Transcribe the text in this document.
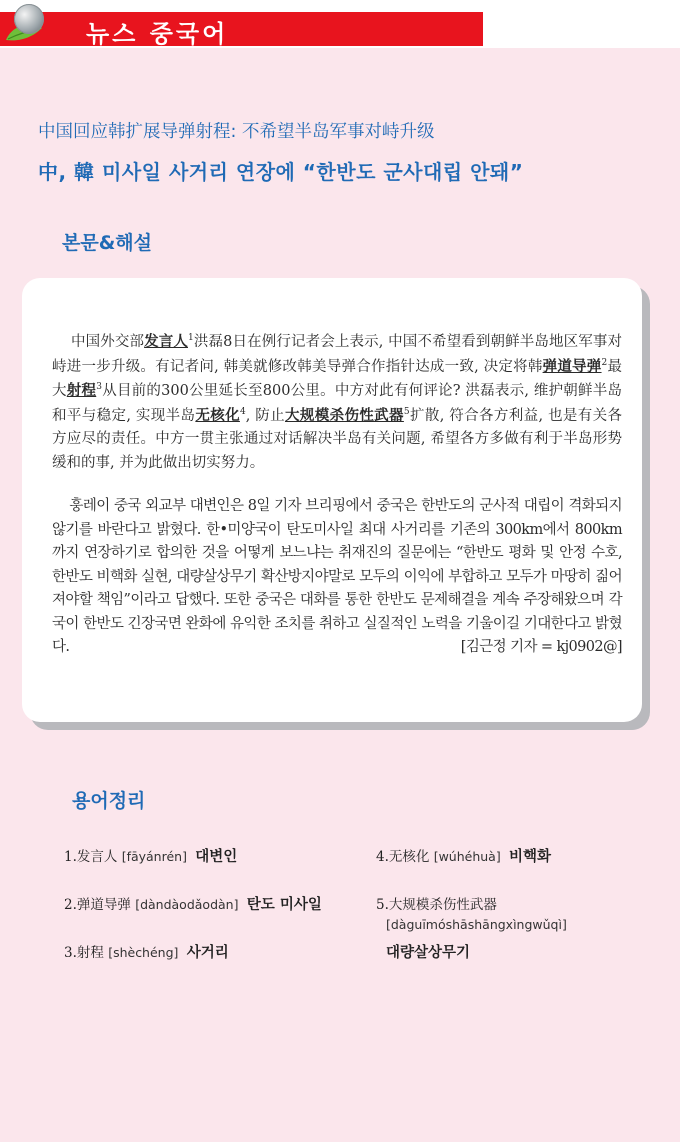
뉴스 중국어
中国回应韩扩展导弹射程: 不希望半岛军事对峙升级
中, 韓 미사일 사거리 연장에 “한반도 군사대립 안돼”
본문&해설
中国外交部发言人$^1$洪磊8日在例行记者会上表示, 中国不希望看到朝鲜半岛地区军事对峙进一步升级。有记者问, 韩美就修改韩美导弹合作指针达成一致, 决定将韩弹道导弹$^2$最大射程$^3$从目前的300公里延长至800公里。中方对此有何评论? 洪磊表示, 维护朝鲜半岛和平与稳定, 实现半岛无核化$^4$, 防止大规模杀伤性武器$^5$扩散, 符合各方利益, 也是有关各方应尽的责任。中方一贯主张通过对话解决半岛有关问题, 希望各方多做有利于半岛形势缓和的事, 并为此做出切实努力。
훙레이 중국 외교부 대변인은 8일 기자 브리핑에서 중국은 한반도의 군사적 대립이 격화되지 않기를 바란다고 밝혔다. 한•미양국이 탄도미사일 최대 사거리를 기존의 300km에서 800km까지 연장하기로 합의한 것을 어떻게 보느냐는 취재진의 질문에는 “한반도 평화 및 안정 수호, 한반도 비핵화 실현, 대량살상무기 확산방지야말로 모두의 이익에 부합하고 모두가 마땅히 짊어져야할 책임”이라고 답했다. 또한 중국은 대화를 통한 한반도 문제해결을 계속 주장해왔으며 각국이 한반도 긴장국면 완화에 유익한 조치를 취하고 실질적인 노력을 기울이길 기대한다고 밝혔다.	[김근정 기자 = kj0902@]
용어정리
1.发言人 [fāyánrén] 대변인
2.弹道导弹 [dàndàodǎodàn] 탄도 미사일
3.射程 [shèchéng] 사거리
4.无核化 [wúhéhuà] 비핵화
5.大规模杀伤性武器
[dàguīmóshāshāngxìngwǔqì]
대량살상무기
